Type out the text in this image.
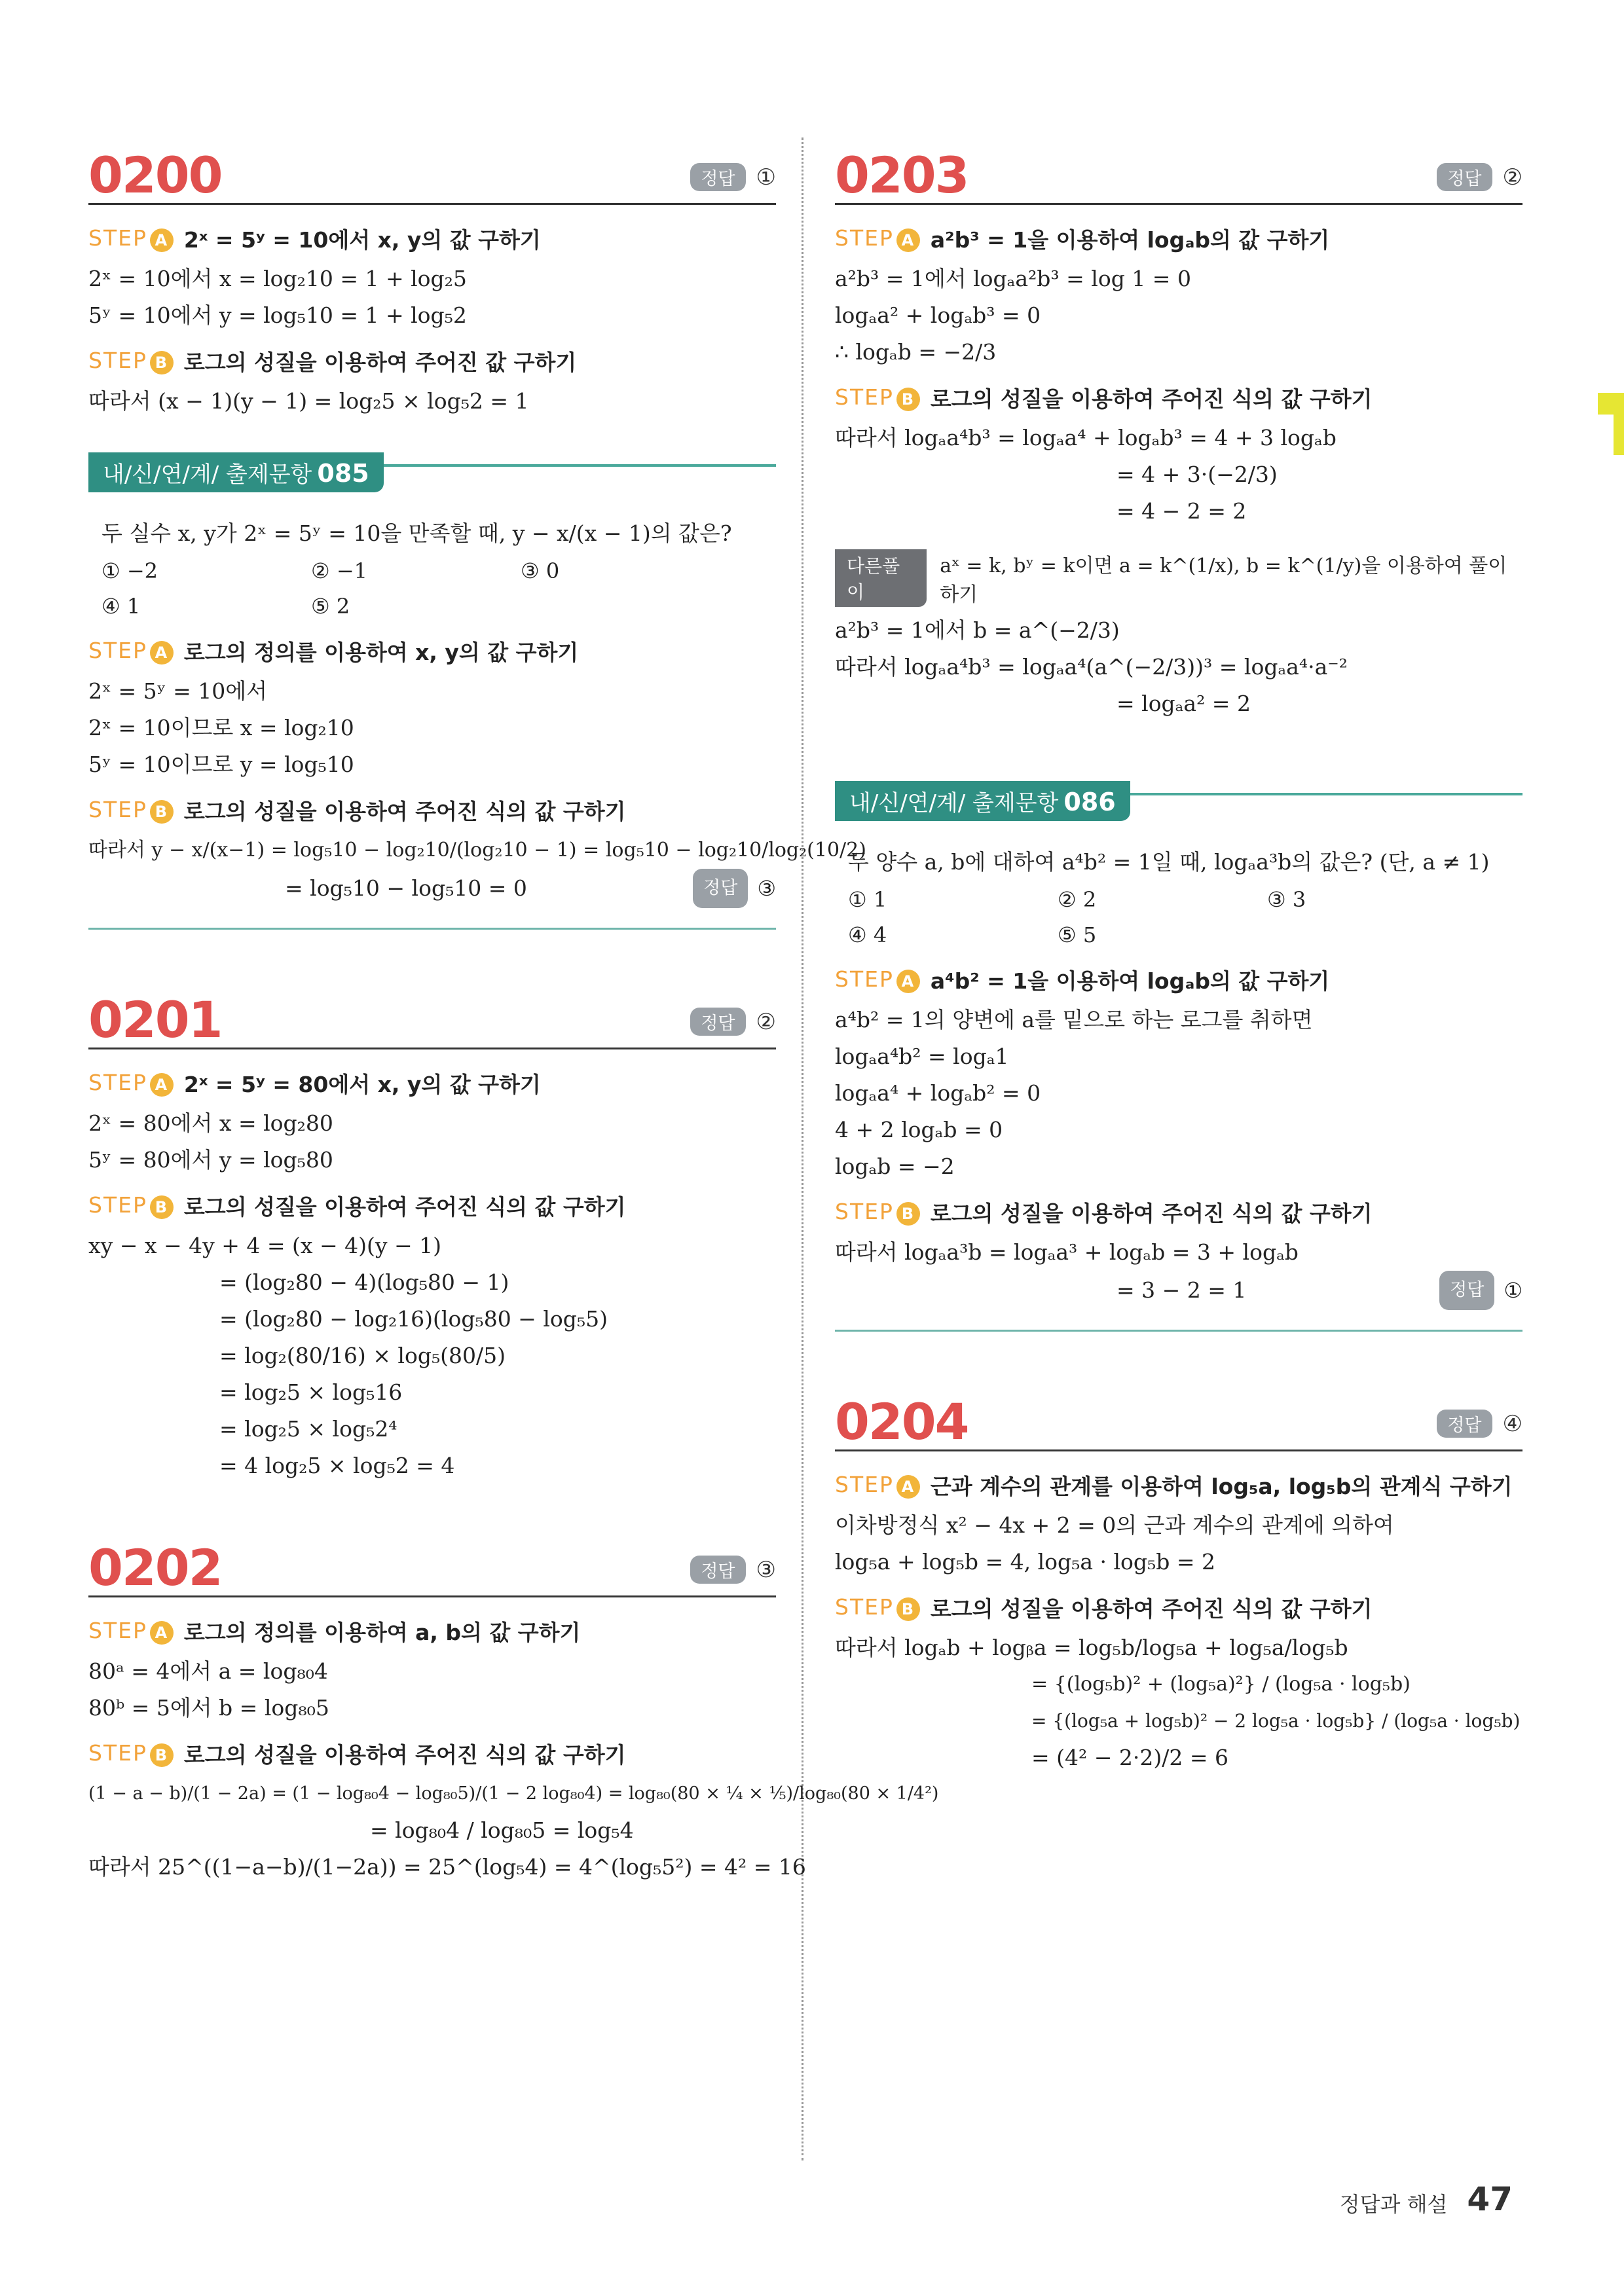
0200	정답 ①
STEP A 2ˣ = 5ʸ = 10에서 x, y의 값 구하기
2ˣ = 10에서 x = log₂10 = 1 + log₂5
5ʸ = 10에서 y = log₅10 = 1 + log₅2
STEP B 로그의 성질을 이용하여 주어진 값 구하기
따라서 (x − 1)(y − 1) = log₂5 × log₅2 = 1
내/신/연/계/ 출제문항 085
두 실수 x, y가 2ˣ = 5ʸ = 10을 만족할 때, y − x/(x − 1)의 값은?
① −2	② −1	③ 0
④ 1	⑤ 2
STEP A 로그의 정의를 이용하여 x, y의 값 구하기
2ˣ = 5ʸ = 10에서
2ˣ = 10이므로 x = log₂10
5ʸ = 10이므로 y = log₅10
STEP B 로그의 성질을 이용하여 주어진 식의 값 구하기
따라서 y − x/(x−1) = log₅10 − log₂10/(log₂10 − 1) = log₅10 − log₂10/log₂(10/2)
= log₅10 − log₅10 = 0	정답 ③
0201	정답 ②
STEP A 2ˣ = 5ʸ = 80에서 x, y의 값 구하기
2ˣ = 80에서 x = log₂80
5ʸ = 80에서 y = log₅80
STEP B 로그의 성질을 이용하여 주어진 식의 값 구하기
xy − x − 4y + 4 = (x − 4)(y − 1)
= (log₂80 − 4)(log₅80 − 1)
= (log₂80 − log₂16)(log₅80 − log₅5)
= log₂(80/16) × log₅(80/5)
= log₂5 × log₅16
= log₂5 × log₅2⁴
= 4 log₂5 × log₅2 = 4
0202	정답 ③
STEP A 로그의 정의를 이용하여 a, b의 값 구하기
80ᵃ = 4에서 a = log₈₀4
80ᵇ = 5에서 b = log₈₀5
STEP B 로그의 성질을 이용하여 주어진 식의 값 구하기
(1 − a − b)/(1 − 2a) = (1 − log₈₀4 − log₈₀5)/(1 − 2 log₈₀4) = log₈₀(80 × ¼ × ⅕)/log₈₀(80 × 1/4²)
= log₈₀4 / log₈₀5 = log₅4
따라서 25^((1−a−b)/(1−2a)) = 25^(log₅4) = 4^(log₅5²) = 4² = 16
0203	정답 ②
STEP A a²b³ = 1을 이용하여 logₐb의 값 구하기
a²b³ = 1에서 logₐa²b³ = log 1 = 0
logₐa² + logₐb³ = 0
∴ logₐb = −2/3
STEP B 로그의 성질을 이용하여 주어진 식의 값 구하기
따라서 logₐa⁴b³ = logₐa⁴ + logₐb³ = 4 + 3 logₐb
= 4 + 3·(−2/3)
= 4 − 2 = 2
다른풀이
aˣ = k, bʸ = k이면 a = k^(1/x), b = k^(1/y)을 이용하여 풀이하기
a²b³ = 1에서 b = a^(−2/3)
따라서 logₐa⁴b³ = logₐa⁴(a^(−2/3))³ = logₐa⁴·a⁻²
= logₐa² = 2
내/신/연/계/ 출제문항 086
두 양수 a, b에 대하여 a⁴b² = 1일 때, logₐa³b의 값은? (단, a ≠ 1)
① 1	② 2	③ 3
④ 4	⑤ 5
STEP A a⁴b² = 1을 이용하여 logₐb의 값 구하기
a⁴b² = 1의 양변에 a를 밑으로 하는 로그를 취하면
logₐa⁴b² = logₐ1
logₐa⁴ + logₐb² = 0
4 + 2 logₐb = 0
logₐb = −2
STEP B 로그의 성질을 이용하여 주어진 식의 값 구하기
따라서 logₐa³b = logₐa³ + logₐb = 3 + logₐb
= 3 − 2 = 1	정답 ①
0204	정답 ④
STEP A 근과 계수의 관계를 이용하여 log₅a, log₅b의 관계식 구하기
이차방정식 x² − 4x + 2 = 0의 근과 계수의 관계에 의하여
log₅a + log₅b = 4, log₅a · log₅b = 2
STEP B 로그의 성질을 이용하여 주어진 식의 값 구하기
따라서 logₐb + logᵦa = log₅b/log₅a + log₅a/log₅b
= {(log₅b)² + (log₅a)²} / (log₅a · log₅b)
= {(log₅a + log₅b)² − 2 log₅a · log₅b} / (log₅a · log₅b)
= (4² − 2·2)/2 = 6
정답과 해설 47
